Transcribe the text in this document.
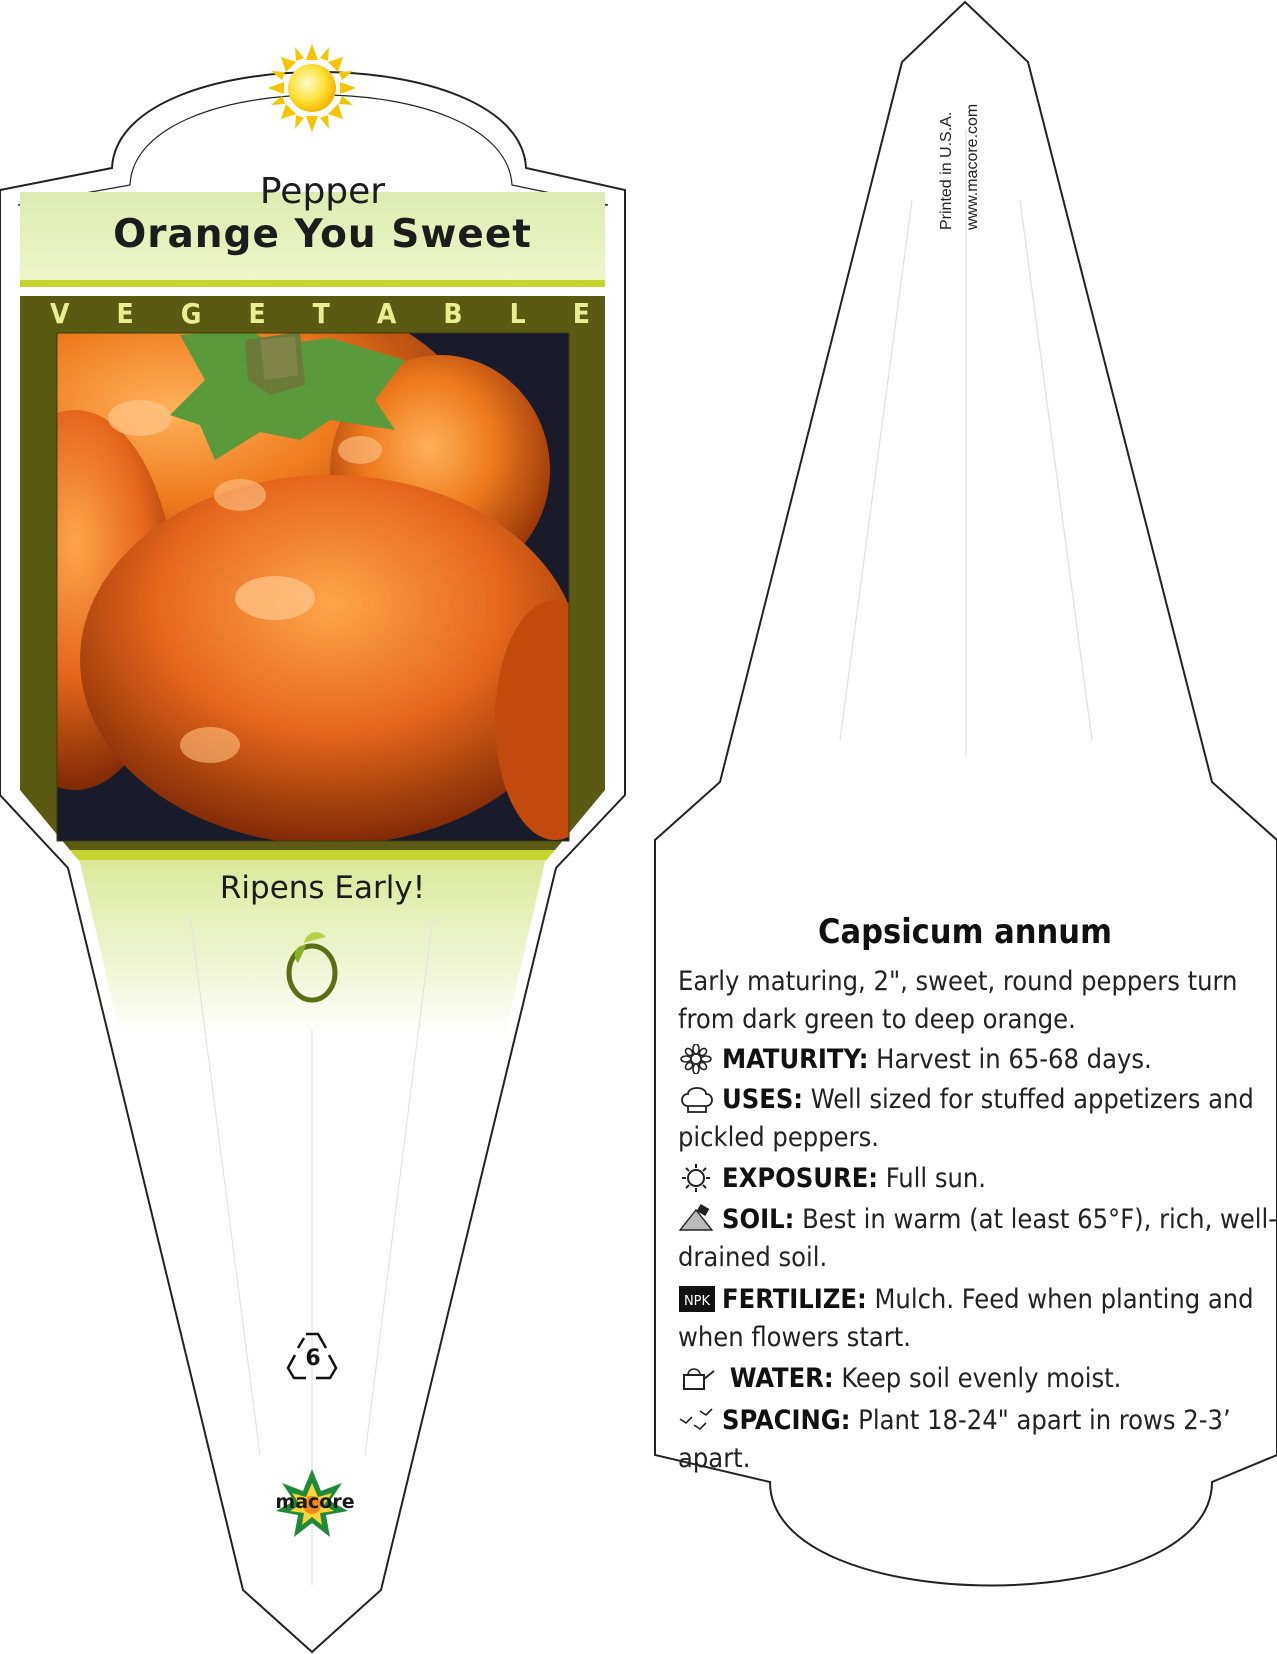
Pepper
Orange You Sweet
V E G E T A B L E
Ripens Early!
6
macore
Printed in U.S.A. www.macore.com
Capsicum annum
Early maturing, 2", sweet, round peppers turn from dark green to deep orange.
MATURITY: Harvest in 65-68 days.
USES: Well sized for stuffed appetizers and pickled peppers.
EXPOSURE: Full sun.
SOIL: Best in warm (at least 65°F), rich, well-drained soil.
NPK FERTILIZE: Mulch. Feed when planting and when flowers start.
WATER: Keep soil evenly moist.
SPACING: Plant 18-24" apart in rows 2-3’ apart.
